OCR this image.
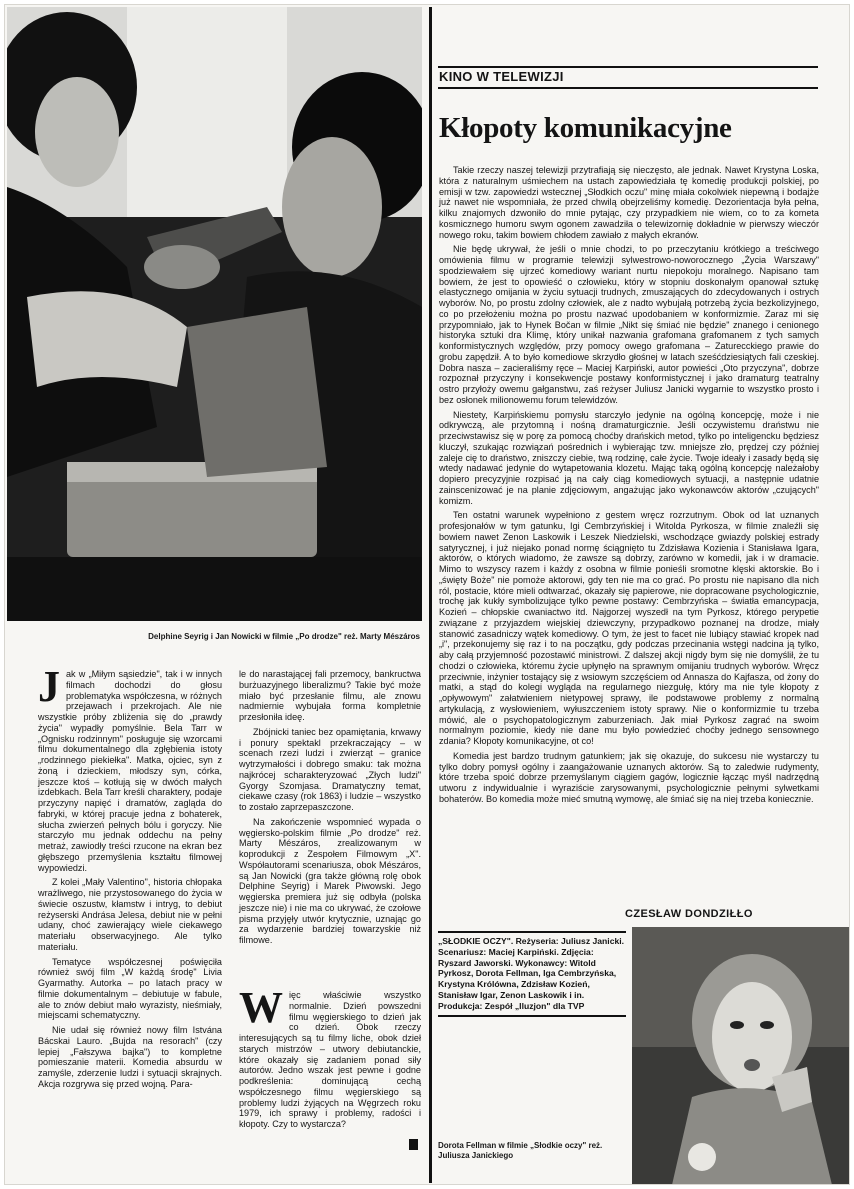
Delphine Seyrig i Jan Nowicki w filmie „Po drodze" reż. Marty Mészáros
KINO W TELEWIZJI
Kłopoty komunikacyjne

Takie rzeczy naszej telewizji przytrafiają się nieczęsto, ale jednak. Nawet Krystyna Loska, która z naturalnym uśmiechem na ustach zapowiedziała tę komedię produkcji polskiej, po emisji w tzw. zapowiedzi wstecznej „Słodkich oczu" minę miała cokolwiek niepewną i bodajże już nawet nie wspomniała, że przed chwilą obejrzeliśmy komedię. Dezorientacja była pełna, kilku znajomych dzwoniło do mnie pytając, czy przypadkiem nie wiem, co to za kometa kosmicznego humoru swym ogonem zawadziła o telewizornię dokładnie w pierwszy wieczór nowego roku, takim bowiem chłodem zawiało z małych ekranów.

Nie będę ukrywał, że jeśli o mnie chodzi, to po przeczytaniu krótkiego a treściwego omówienia filmu w programie telewizji sylwestrowo-noworocznego „Życia Warszawy" spodziewałem się ujrzeć komediowy wariant nurtu niepokoju moralnego. Napisano tam bowiem, że jest to opowieść o człowieku, który w stopniu doskonałym opanował sztukę elastycznego omijania w życiu sytuacji trudnych, zmuszających do zdecydowanych i ostrych wyborów. No, po prostu zdolny człowiek, ale z nadto wybujałą potrzebą życia bezkolizyjnego, co po przełożeniu można po prostu nazwać upodobaniem w konformizmie. Zaraz mi się przypomniało, jak to Hynek Bočan w filmie „Nikt się śmiać nie będzie" znanego i cenionego historyka sztuki dra Klimę, który unikał nazwania grafomana grafomanem z tych samych konformistycznych względów, przy pomocy owego grafomana – Zaturecckiego prawie do grobu zapędził. A to było komediowe skrzydło głośnej w latach sześćdziesiątych fali czeskiej. Dobra nasza – zacieraliśmy ręce – Maciej Karpiński, autor powieści „Oto przyczyna", dobrze rozpoznał przyczyny i konsekwencje postawy konformistycznej i jako dramaturg teatralny ostro przyłoży owemu gałganstwu, zaś reżyser Juliusz Janicki wygarnie to wszystko prosto i bez osłonek milionowemu forum telewidzów.

Niestety, Karpińskiemu pomysłu starczyło jedynie na ogólną koncepcję, może i nie odkrywczą, ale przytomną i nośną dramaturgicznie. Jeśli oczywistemu draństwu nie przeciwstawisz się w porę za pomocą choćby drańskich metod, tylko po inteligencku będziesz kluczył, szukając rozwiązań pośrednich i wybierając tzw. mniejsze zło, prędzej czy później zaleje cię to draństwo, zniszczy ciebie, twą rodzinę, całe życie. Twoje ideały i zasady będą się wtedy nadawać jedynie do wytapetowania klozetu. Mając taką ogólną koncepcję należałoby dopiero precyzyjnie rozpisać ją na cały ciąg komediowych sytuacji, a następnie udatnie zainscenizować je na planie zdjęciowym, angażując jako wykonawców aktorów „czujących" komizm.

Ten ostatni warunek wypełniono z gestem wręcz rozrzutnym. Obok od lat uznanych profesjonałów w tym gatunku, Igi Cembrzyńskiej i Witolda Pyrkosza, w filmie znaleźli się bowiem nawet Zenon Laskowik i Leszek Niedzielski, wschodzące gwiazdy polskiej estrady satyrycznej, i już niejako ponad normę ściągnięto tu Zdzisława Kozienia i Stanisława Igara, aktorów, o których wiadomo, że zawsze są dobrzy, zarówno w komedii, jak i w dramacie. Mimo to wszyscy razem i każdy z osobna w filmie ponieśli sromotne klęski aktorskie. Bo i „święty Boże" nie pomoże aktorowi, gdy ten nie ma co grać. Po prostu nie napisano dla nich ról, postacie, które mieli odtwarzać, okazały się papierowe, nie dopracowane psychologicznie, trochę jak kukły symbolizujące tylko pewne postawy: Cembrzyńska – światła emancypacja, Kozień – chłopskie cwaniactwo itd. Najgorzej wyszedł na tym Pyrkosz, którego perypetie związane z przyjazdem wiejskiej dziewczyny, przypadkowo poznanej na drodze, miały stanowić zasadniczy wątek komediowy. O tym, że jest to facet nie lubiący stawiać kropek nad „i", przekonujemy się raz i to na początku, gdy podczas przecinania wstęgi nadcina ją tylko, aby całą przyjemność pozostawić ministrowi. Z dalszej akcji nigdy bym się nie domyślił, że tu chodzi o człowieka, któremu życie upłynęło na sprawnym omijaniu trudnych wyborów. Wręcz przeciwnie, inżynier tostający się z wsiowym szczęściem od Annasza do Kajfasza, od żony do matki, a stąd do kolegi wygląda na regularnego niezgułę, który ma nie tyle kłopoty z „opływowym" załatwieniem nietypowej sprawy, ile podstawowe problemy z normalną artykulacją, z wysłowieniem, wyłuszczeniem istoty sprawy. Nie o konformizmie tu trzeba mówić, ale o psychopatologicznym zaburzeniach. Jak miał Pyrkosz zagrać na swoim normalnym poziomie, kiedy nie dane mu było powiedzieć choćby jednego sensownego zdania? Kłopoty komunikacyjne, ot co!

Komedia jest bardzo trudnym gatunkiem; jak się okazuje, do sukcesu nie wystarczy tu tylko dobry pomysł ogólny i zaangażowanie uznanych aktorów. Są to zaledwie rudymenty, które trzeba spoić dobrze przemyślanym ciągiem gagów, logicznie łącząc myśl nadrzędną utworu z indywidualnie i wyraziście zarysowanymi, psychologicznie pełnymi sylwetkami bohaterów. Bo komedia może mieć smutną wymowę, ale śmiać się na niej trzeba koniecznie.

CZESŁAW DONDZIŁŁO
„SŁODKIE OCZY". Reżyseria: Juliusz Janicki. Scenariusz: Maciej Karpiński. Zdjęcia: Ryszard Jaworski. Wykonawcy: Witold Pyrkosz, Dorota Fellman, Iga Cembrzyńska, Krystyna Królówna, Zdzisław Kozień, Stanisław Igar, Zenon Laskowik i in. Produkcja: Zespół „Iluzjon" dla TVP
Dorota Fellman w filmie „Słodkie oczy" reż. Juliusza Janickiego

Jak w „Miłym sąsiedzie", tak i w innych filmach dochodzi do głosu problematyka współczesna, w różnych przejawach i przekrojach. Ale nie wszystkie próby zbliżenia się do „prawdy życia" wypadły pomyślnie. Bela Tarr w „Ognisku rodzinnym" posługuje się wzorcami filmu dokumentalnego dla zgłębienia istoty „rodzinnego piekiełka". Matka, ojciec, syn z żoną i dzieckiem, młodszy syn, córka, jeszcze ktoś – kotłują się w dwóch małych izdebkach. Bela Tarr kreśli charaktery, podaje przyczyny napięć i dramatów, zagląda do fabryki, w której pracuje jedna z bohaterek, słucha zwierzeń pełnych bólu i goryczy. Nie starczyło mu jednak oddechu na pełny metraż, zawiodły treści rzucone na ekran bez głębszego przemyślenia kształtu filmowej wypowiedzi.

Z kolei „Mały Valentino", historia chłopaka wrażliwego, nie przystosowanego do życia w świecie oszustw, kłamstw i intryg, to debiut reżyserski Andrása Jelesa, debiut nie w pełni udany, choć zawierający wiele ciekawego materiału obserwacyjnego. Ale tylko materiału.

Tematyce współczesnej poświęciła również swój film „W każdą środę" Livia Gyarmathy. Autorka – po latach pracy w filmie dokumentalnym – debiutuje w fabule, ale to znów debiut mało wyrazisty, nieśmiały, miejscami schematyczny.

Nie udał się również nowy film Istvána Bácskai Lauro. „Bujda na resorach" (czy lepiej „Fałszywa bajka") to kompletne pomieszanie materii. Komedia absurdu w zamyśle, zderzenie ludzi i sytuacji skrajnych. Akcja rozgrywa się przed wojną. Para-

le do narastającej fali przemocy, bankructwa burżuazyjnego liberalizmu? Takie być może miało być przesłanie filmu, ale znowu nadmiernie wybujała forma kompletnie przesłoniła ideę.

Zbójnicki taniec bez opamiętania, krwawy i ponury spektakl przekraczający – w scenach rzezi ludzi i zwierząt – granice wytrzymałości i dobrego smaku: tak można najkrócej scharakteryzować „Złych ludzi" Gyorgy Szomjasa. Dramatyczny temat, ciekawe czasy (rok 1863) i ludzie – wszystko to zostało zaprzepaszczone.

Na zakończenie wspomnieć wypada o węgiersko-polskim filmie „Po drodze" reż. Marty Mészáros, zrealizowanym w koprodukcji z Zespołem Filmowym „X". Współautorami scenariusza, obok Mészáros, są Jan Nowicki (gra także główną rolę obok Delphine Seyrig) i Marek Piwowski. Jego węgierska premiera już się odbyła (polska jeszcze nie) i nie ma co ukrywać, że czołowe pisma przyjęły utwór krytycznie, uznając go za wydarzenie bardziej towarzyskie niż filmowe.

Więc właściwie wszystko normalnie. Dzień powszedni filmu węgierskiego to dzień jak co dzień. Obok rzeczy interesujących są tu filmy liche, obok dzieł starych mistrzów – utwory debiutanckie, które okazały się zadaniem ponad siły autorów. Jedno wszak jest pewne i godne podkreślenia: dominującą cechą współczesnego filmu węgierskiego są problemy ludzi żyjących na Węgrzech roku 1979, ich sprawy i problemy, radości i kłopoty. Czy to wystarcza?
